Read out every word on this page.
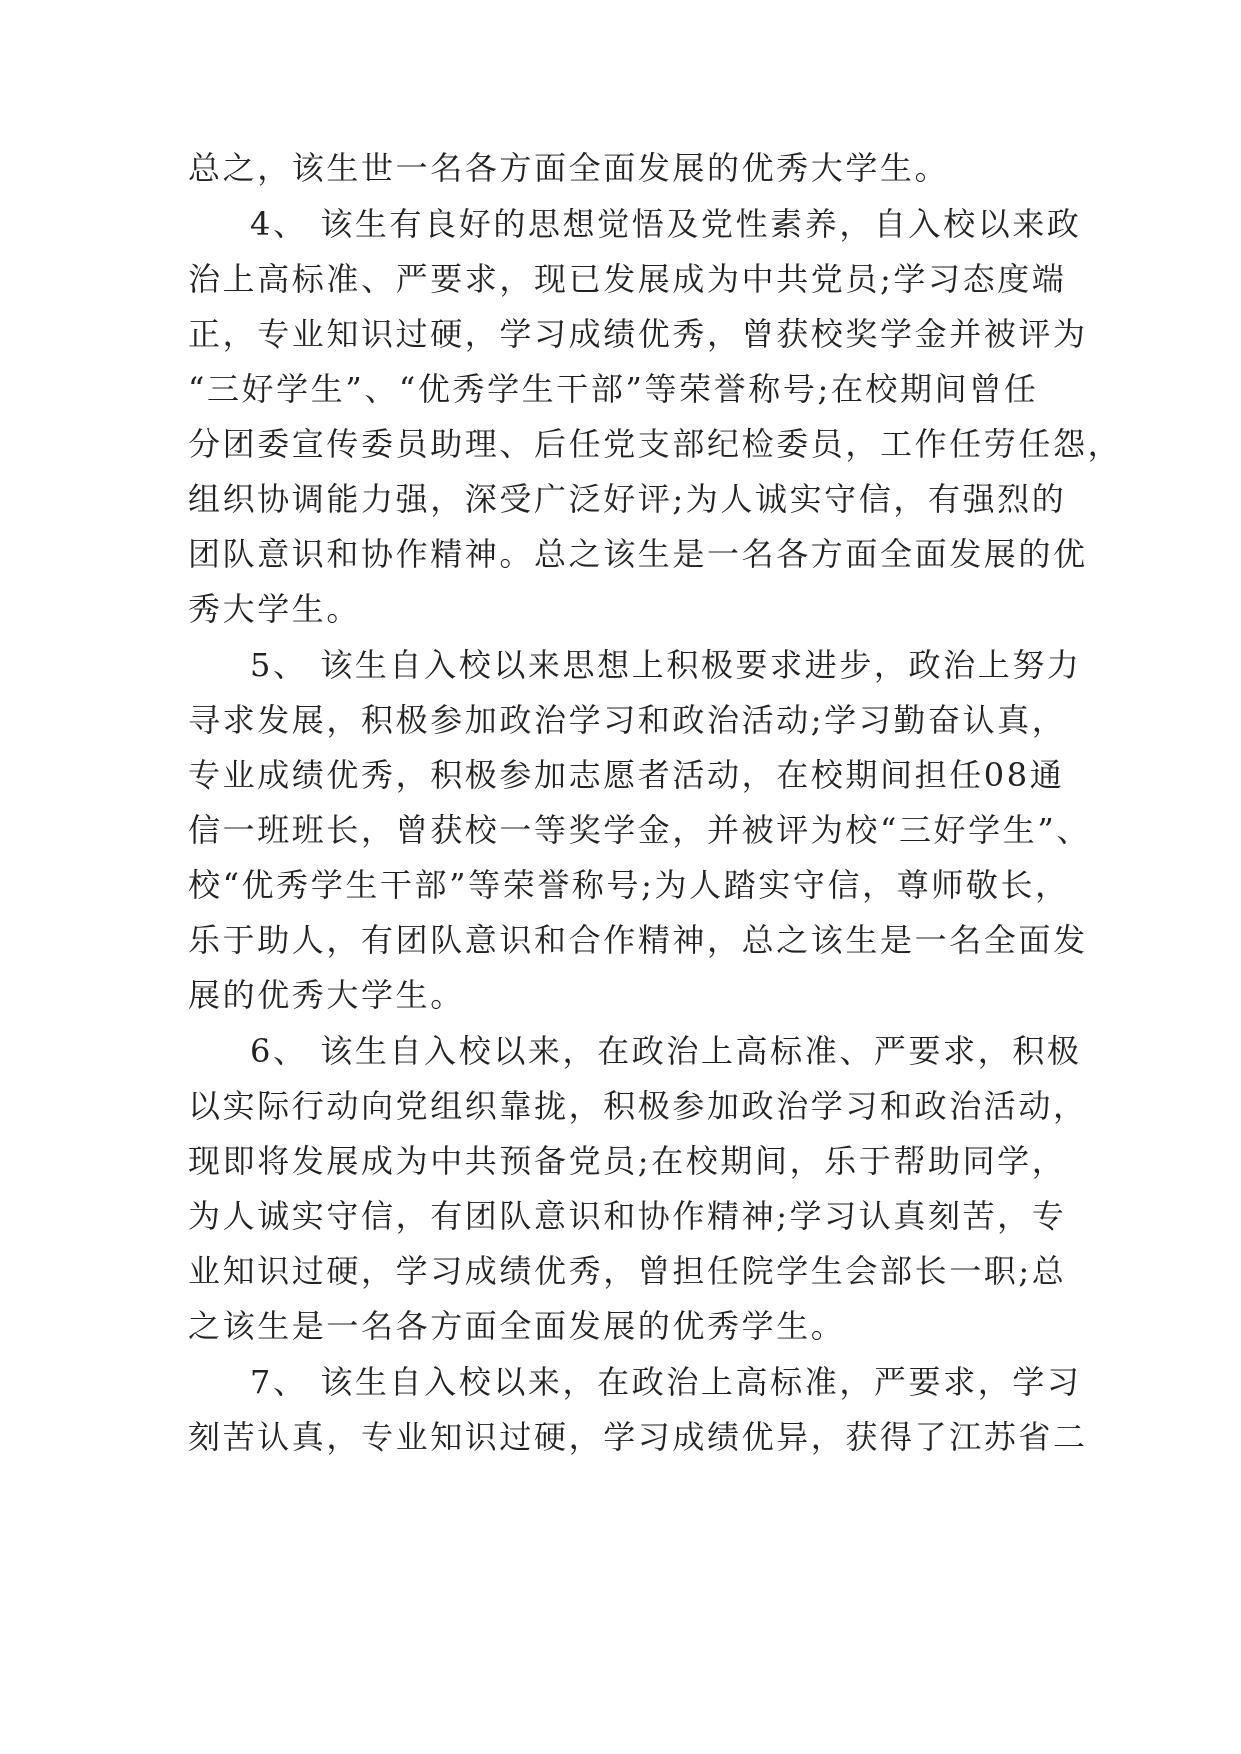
总之，该生世一名各方面全面发展的优秀大学生。
4、 该生有良好的思想觉悟及党性素养，自入校以来政
治上高标准、严要求，现已发展成为中共党员;学习态度端
正，专业知识过硬，学习成绩优秀，曾获校奖学金并被评为
“三好学生”、“优秀学生干部”等荣誉称号;在校期间曾任
分团委宣传委员助理、后任党支部纪检委员，工作任劳任怨，
组织协调能力强，深受广泛好评;为人诚实守信，有强烈的
团队意识和协作精神。总之该生是一名各方面全面发展的优
秀大学生。
5、 该生自入校以来思想上积极要求进步，政治上努力
寻求发展，积极参加政治学习和政治活动;学习勤奋认真，
专业成绩优秀，积极参加志愿者活动，在校期间担任08通
信一班班长，曾获校一等奖学金，并被评为校“三好学生”、
校“优秀学生干部”等荣誉称号;为人踏实守信，尊师敬长，
乐于助人，有团队意识和合作精神，总之该生是一名全面发
展的优秀大学生。
6、 该生自入校以来，在政治上高标准、严要求，积极
以实际行动向党组织靠拢，积极参加政治学习和政治活动，
现即将发展成为中共预备党员;在校期间，乐于帮助同学，
为人诚实守信，有团队意识和协作精神;学习认真刻苦，专
业知识过硬，学习成绩优秀，曾担任院学生会部长一职;总
之该生是一名各方面全面发展的优秀学生。
7、 该生自入校以来，在政治上高标准，严要求，学习
刻苦认真，专业知识过硬，学习成绩优异，获得了江苏省二
